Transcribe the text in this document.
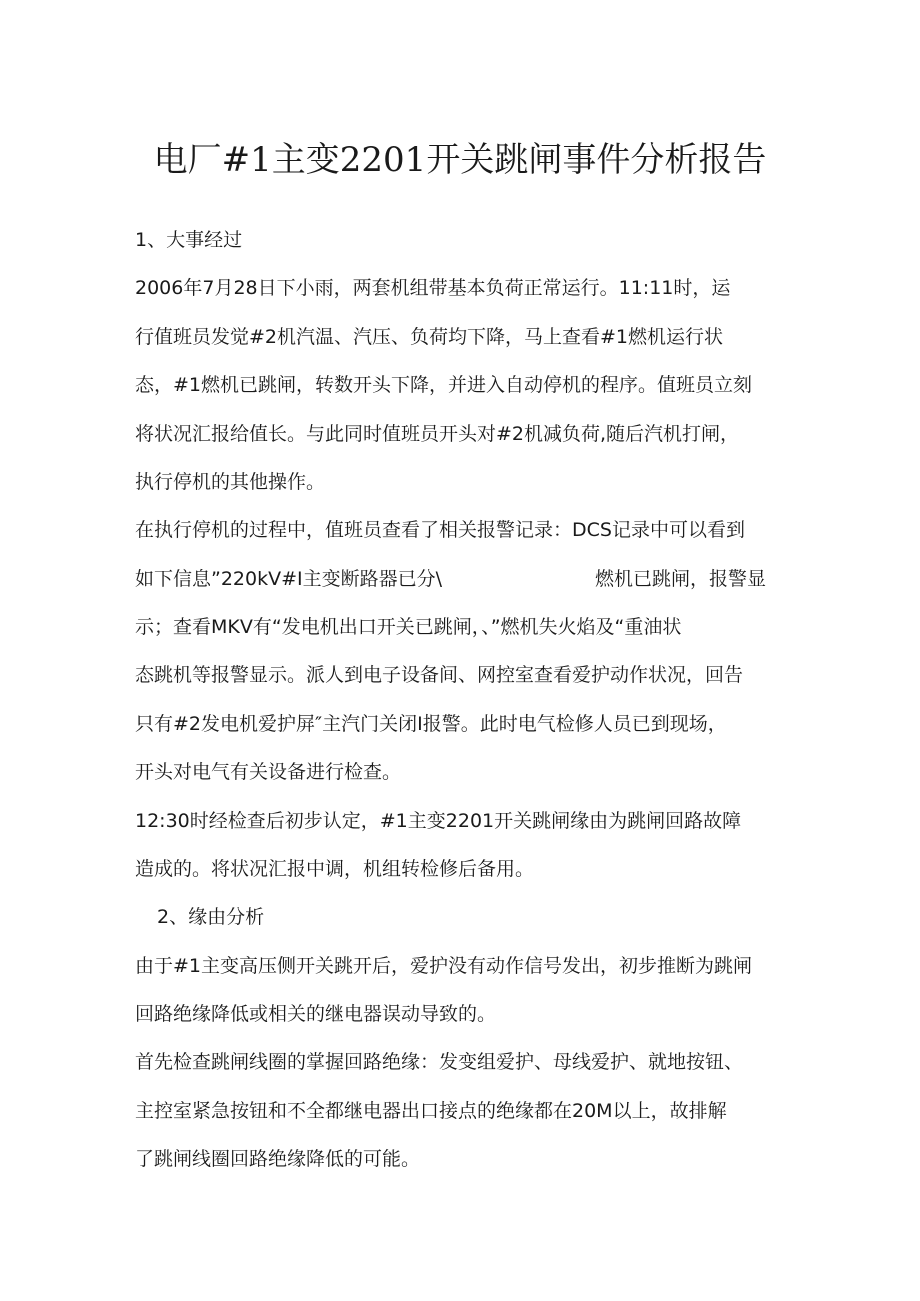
电厂#1主变2201开关跳闸事件分析报告
1、大事经过
2006年7月28日下小雨，两套机组带基本负荷正常运行。11:11时，运
行值班员发觉#2机汽温、汽压、负荷均下降，马上查看#1燃机运行状
态，#1燃机已跳闸，转数开头下降，并进入自动停机的程序。值班员立刻
将状况汇报给值长。与此同时值班员开头对#2机减负荷,随后汽机打闸，
执行停机的其他操作。
在执行停机的过程中，值班员查看了相关报警记录：DCS记录中可以看到
如下信息”220kV#I主变断路器已分\	燃机已跳闸，报警显
示；查看MKV有“发电机出口开关已跳闸，、”燃机失火焰及“重油状
态跳机等报警显示。派人到电子设备间、网控室查看爱护动作状况，回告
只有#2发电机爱护屏″主汽门关闭I报警。此时电气检修人员已到现场，
开头对电气有关设备进行检查。
12:30时经检查后初步认定，#1主变2201开关跳闸缘由为跳闸回路故障
造成的。将状况汇报中调，机组转检修后备用。
2、缘由分析
由于#1主变高压侧开关跳开后，爱护没有动作信号发出，初步推断为跳闸
回路绝缘降低或相关的继电器误动导致的。
首先检查跳闸线圈的掌握回路绝缘：发变组爱护、母线爱护、就地按钮、
主控室紧急按钮和不全都继电器出口接点的绝缘都在20M以上，故排解
了跳闸线圈回路绝缘降低的可能。
